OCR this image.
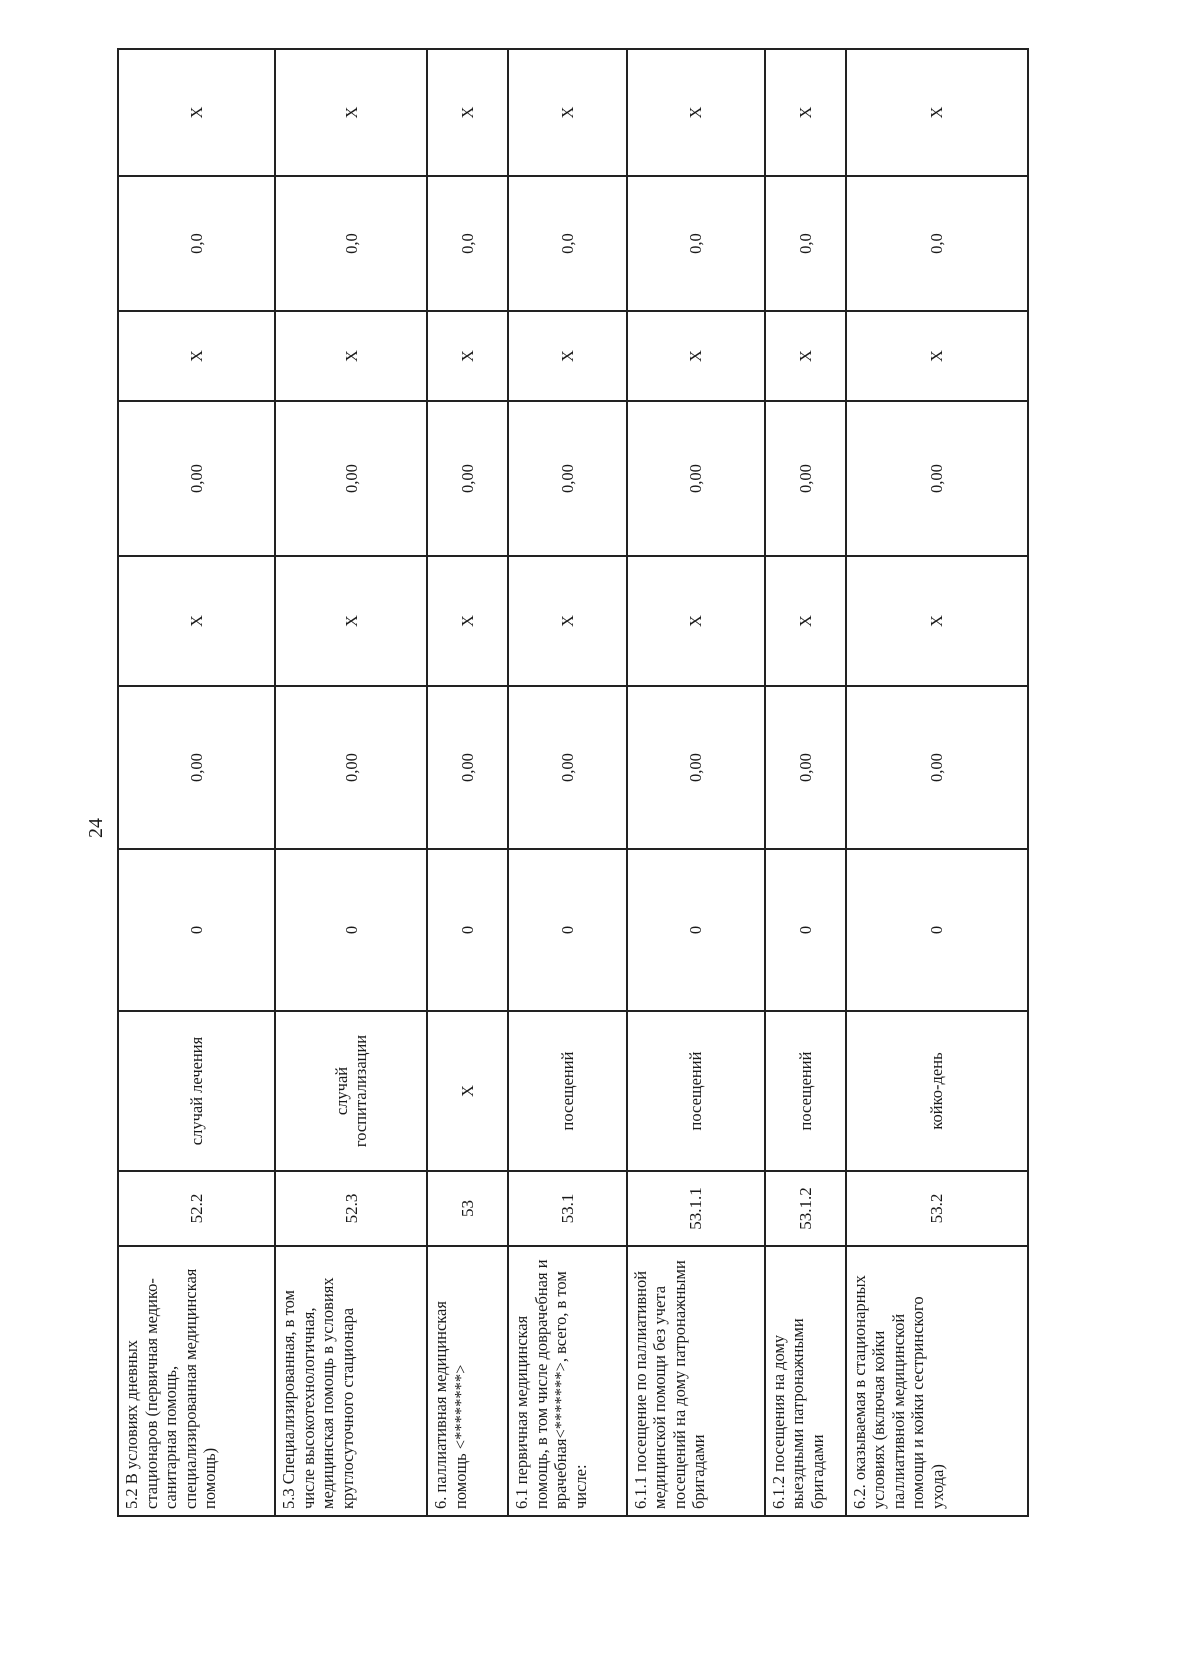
24
5.2 В условиях дневных стационаров (первичная медико-санитарная помощь, специализированная медицинская помощь)	52.2	случай лечения	0	0,00	X	0,00	X	0,0	X
5.3 Специализированная, в том числе высокотехнологичная, медицинская помощь в условиях круглосуточного стационара	52.3	случай госпитализации	0	0,00	X	0,00	X	0,0	X
6. паллиативная медицинская помощь <********>	53	X	0	0,00	X	0,00	X	0,0	X
6.1 первичная медицинская помощь, в том числе доврачебная и врачебная<*******>, всего, в том числе:	53.1	посещений	0	0,00	X	0,00	X	0,0	X
6.1.1 посещение по паллиативной медицинской помощи без учета посещений на дому патронажными бригадами	53.1.1	посещений	0	0,00	X	0,00	X	0,0	X
6.1.2 посещения на дому выездными патронажными бригадами	53.1.2	посещений	0	0,00	X	0,00	X	0,0	X
6.2. оказываемая в стационарных условиях (включая койки паллиативной медицинской помощи и койки сестринского ухода)	53.2	койко-день	0	0,00	X	0,00	X	0,0	X
